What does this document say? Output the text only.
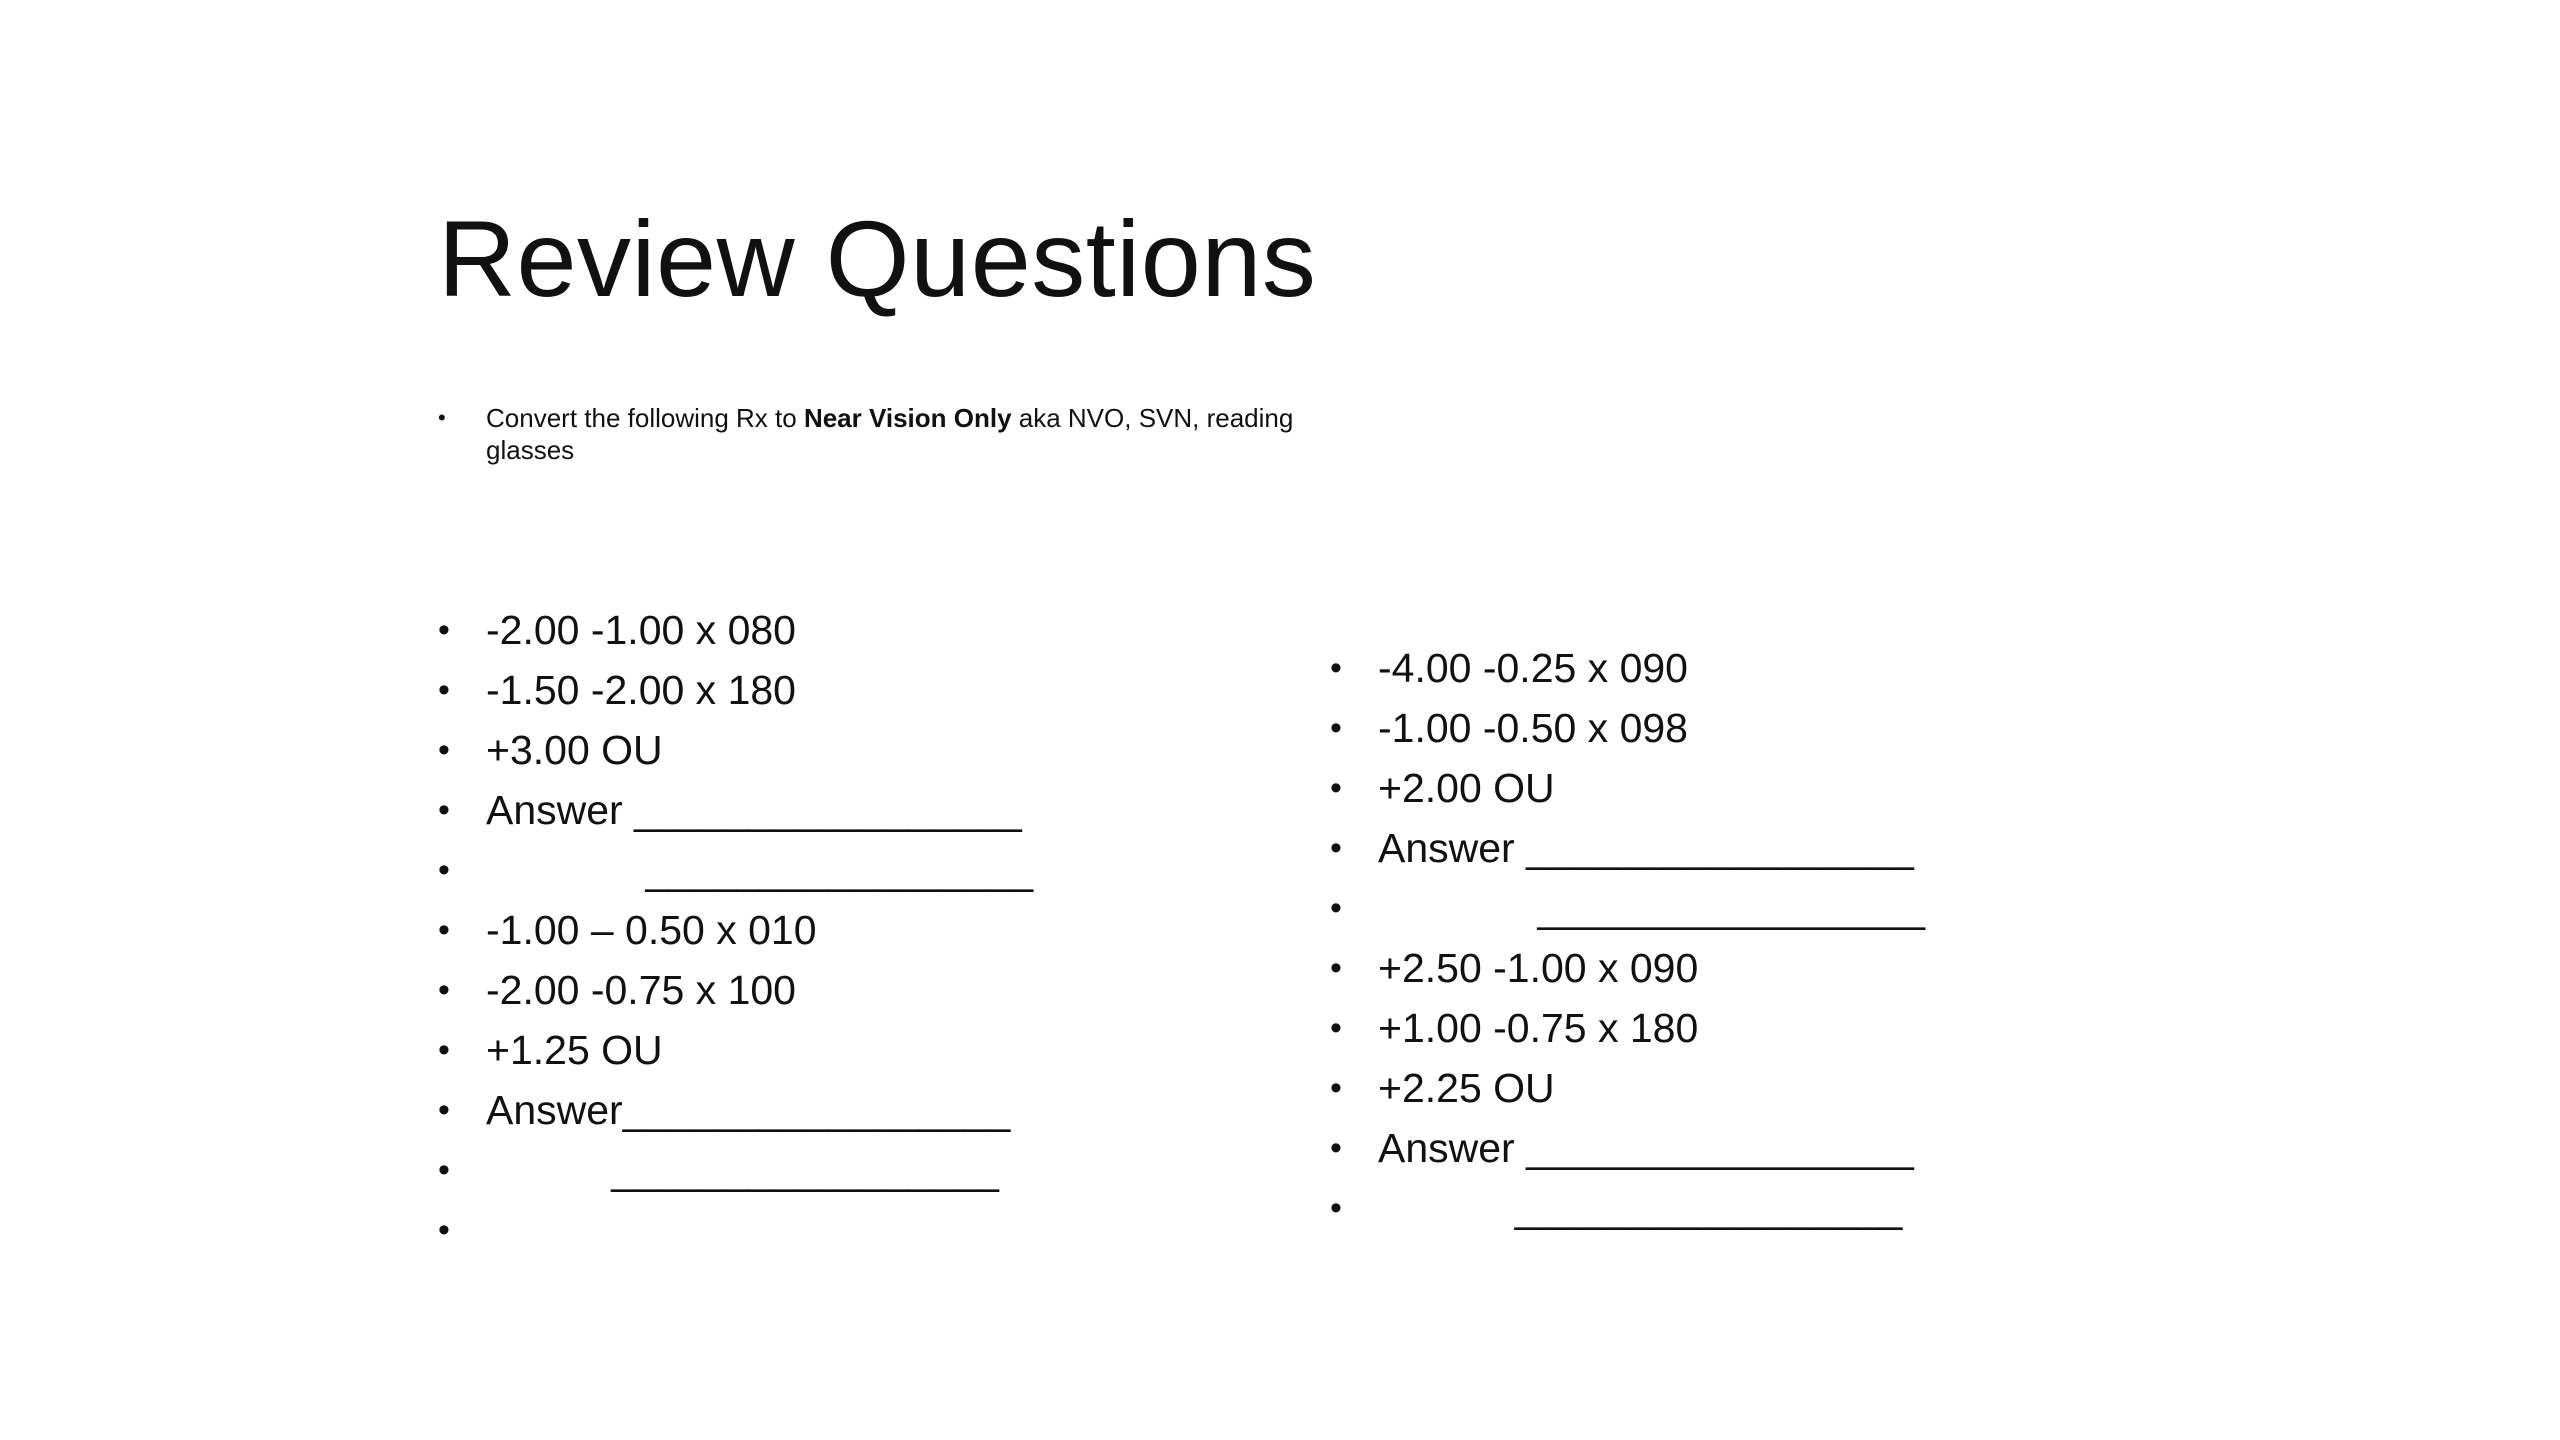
Review Questions
• Convert the following Rx to Near Vision Only aka NVO, SVN, reading glasses
• -2.00 -1.00 x 080
• -1.50 -2.00 x 180
• +3.00 OU
• Answer _________________
• _________________
• -1.00 – 0.50 x 010
• -2.00 -0.75 x 100
• +1.25 OU
• Answer_________________
• _________________
•
• -4.00 -0.25 x 090
• -1.00 -0.50 x 098
• +2.00 OU
• Answer _________________
• _________________
• +2.50 -1.00 x 090
• +1.00 -0.75 x 180
• +2.25 OU
• Answer _________________
• _________________
